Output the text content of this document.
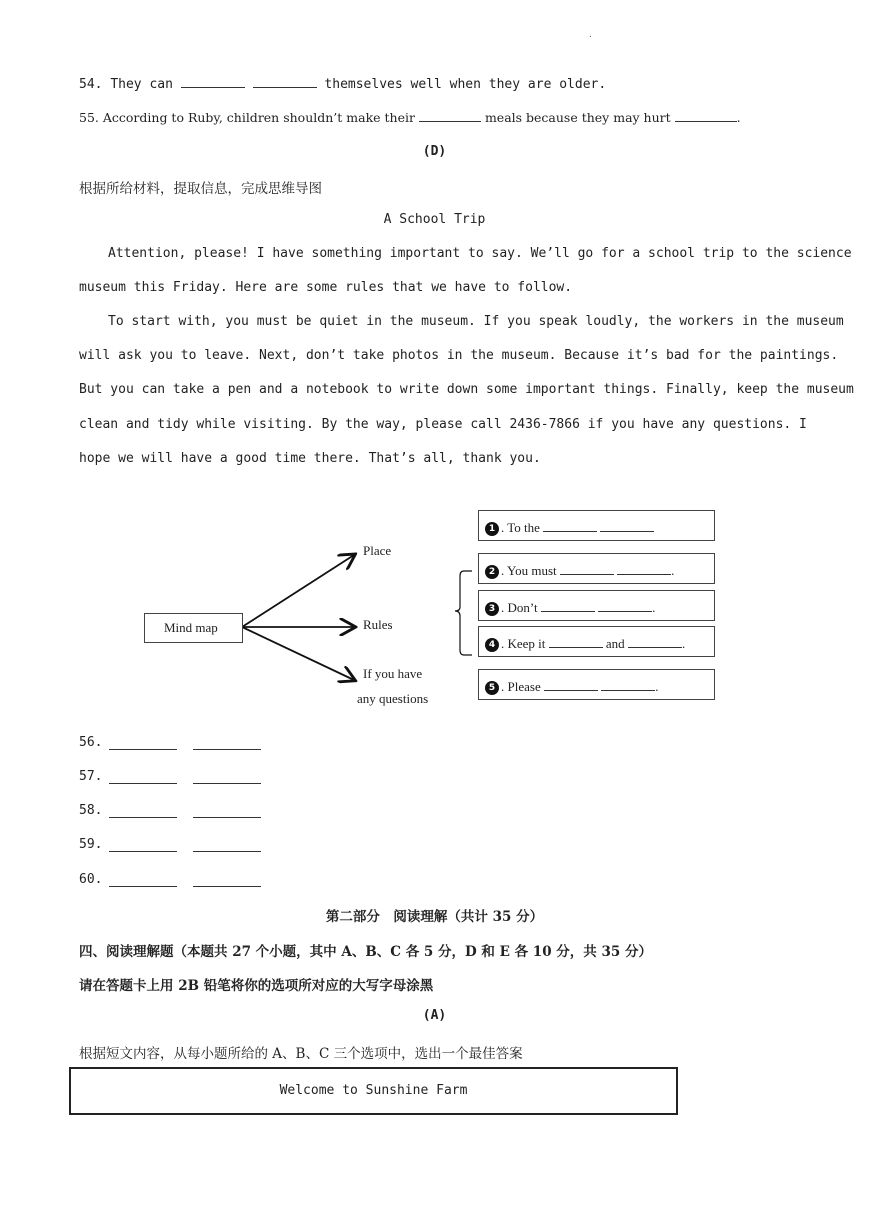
.
54. They can	themselves well when they are older.
55. According to Ruby, children shouldn’t make their	meals because they may hurt	.
(D)
根据所给材料，提取信息，完成思维导图
A School Trip
Attention, please! I have something important to say. We’ll go for a school trip to the science
museum this Friday. Here are some rules that we have to follow.
To start with, you must be quiet in the museum. If you speak loudly, the workers in the museum
will ask you to leave. Next, don’t take photos in the museum. Because it’s bad for the paintings.
But you can take a pen and a notebook to write down some important things. Finally, keep the museum
clean and tidy while visiting. By the way, please call 2436-7866 if you have any questions. I
hope we will have a good time there. That’s all, thank you.
Mind map
Place
Rules
If you have
any questions
1 . To the
2 . You must	.
3 . Don’t	.
4 . Keep it	and	.
5 . Please	.
56.
57.
58.
59.
60.
第二部分　阅读理解（共计 35 分）
四、阅读理解题（本题共 27 个小题，其中 A、B、C 各 5 分，D 和 E 各 10 分，共 35 分）
请在答题卡上用 2B 铅笔将你的选项所对应的大写字母涂黑
(A)
根据短文内容，从每小题所给的 A、B、C 三个选项中，选出一个最佳答案
Welcome to Sunshine Farm
